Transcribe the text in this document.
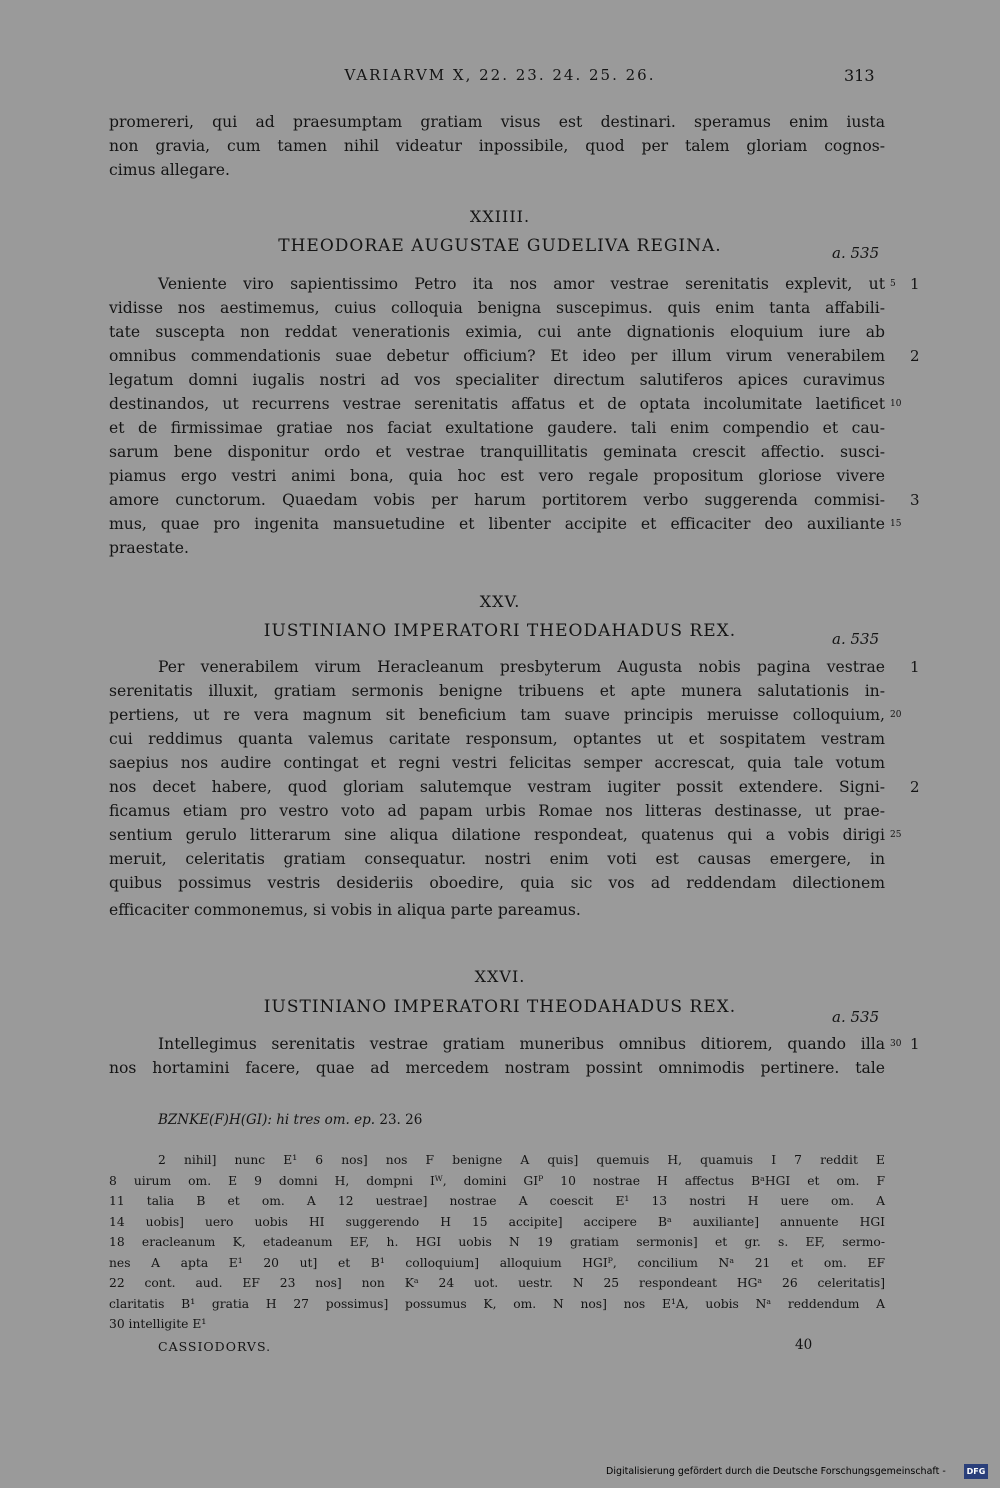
VARIARVM X, 22. 23. 24. 25. 26.	313
promereri, qui ad praesumptam gratiam visus est destinari. speramus enim iusta
non gravia, cum tamen nihil videatur inpossibile, quod per talem gloriam cognos-
cimus allegare.
XXIIII.
THEODORAE AUGUSTAE GUDELIVA REGINA.	a. 535
Veniente viro sapientissimo Petro ita nos amor vestrae serenitatis explevit, ut
vidisse nos aestimemus, cuius colloquia benigna suscepimus. quis enim tanta affabili-
tate suscepta non reddat venerationis eximia, cui ante dignationis eloquium iure ab
omnibus commendationis suae debetur officium? Et ideo per illum virum venerabilem
legatum domni iugalis nostri ad vos specialiter directum salutiferos apices curavimus
destinandos, ut recurrens vestrae serenitatis affatus et de optata incolumitate laetificet
et de firmissimae gratiae nos faciat exultatione gaudere. tali enim compendio et cau-
sarum bene disponitur ordo et vestrae tranquillitatis geminata crescit affectio. susci-
piamus ergo vestri animi bona, quia hoc est vero regale propositum gloriose vivere
amore cunctorum. Quaedam vobis per harum portitorem verbo suggerenda commisi-
mus, quae pro ingenita mansuetudine et libenter accipite et efficaciter deo auxiliante
praestate.
5 1
2
10
3
15
XXV.
IUSTINIANO IMPERATORI THEODAHADUS REX.	a. 535
Per venerabilem virum Heracleanum presbyterum Augusta nobis pagina vestrae
serenitatis illuxit, gratiam sermonis benigne tribuens et apte munera salutationis in-
pertiens, ut re vera magnum sit beneficium tam suave principis meruisse colloquium,
cui reddimus quanta valemus caritate responsum, optantes ut et sospitatem vestram
saepius nos audire contingat et regni vestri felicitas semper accrescat, quia tale votum
nos decet habere, quod gloriam salutemque vestram iugiter possit extendere. Signi-
ficamus etiam pro vestro voto ad papam urbis Romae nos litteras destinasse, ut prae-
sentium gerulo litterarum sine aliqua dilatione respondeat, quatenus qui a vobis dirigi
meruit, celeritatis gratiam consequatur. nostri enim voti est causas emergere, in
quibus possimus vestris desideriis oboedire, quia sic vos ad reddendam dilectionem
efficaciter commonemus, si vobis in aliqua parte pareamus.
1
20
2
25
XXVI.
IUSTINIANO IMPERATORI THEODAHADUS REX.	a. 535
Intellegimus serenitatis vestrae gratiam muneribus omnibus ditiorem, quando illa
nos hortamini facere, quae ad mercedem nostram possint omnimodis pertinere. tale
30 1
BZNKE(F)H(GI): hi tres om. ep. 23. 26
2 nihil] nunc E¹ 6 nos] nos F benigne A quis] quemuis H, quamuis I 7 reddit E
8 uirum om. E 9 domni H, dompni Iᵂ, domini GIᴾ 10 nostrae H affectus BᵃHGI et om. F
11 talia B et om. A 12 uestrae] nostrae A coescit E¹ 13 nostri H uere om. A
14 uobis] uero uobis HI suggerendo H 15 accipite] accipere Bᵃ auxiliante] annuente HGI
18 eracleanum K, etadeanum EF, h. HGI uobis N 19 gratiam sermonis] et gr. s. EF, sermo-
nes A apta E¹ 20 ut] et B¹ colloquium] alloquium HGIᴾ, concilium Nᵃ 21 et om. EF
22 cont. aud. EF 23 nos] non Kᵃ 24 uot. uestr. N 25 respondeant HGᵃ 26 celeritatis]
claritatis B¹ gratia H 27 possimus] possumus K, om. N nos] nos E¹A, uobis Nᵃ reddendum A
30 intelligite E¹
CASSIODORVS.	40
Digitalisierung gefördert durch die Deutsche Forschungsgemeinschaft -	DFG
